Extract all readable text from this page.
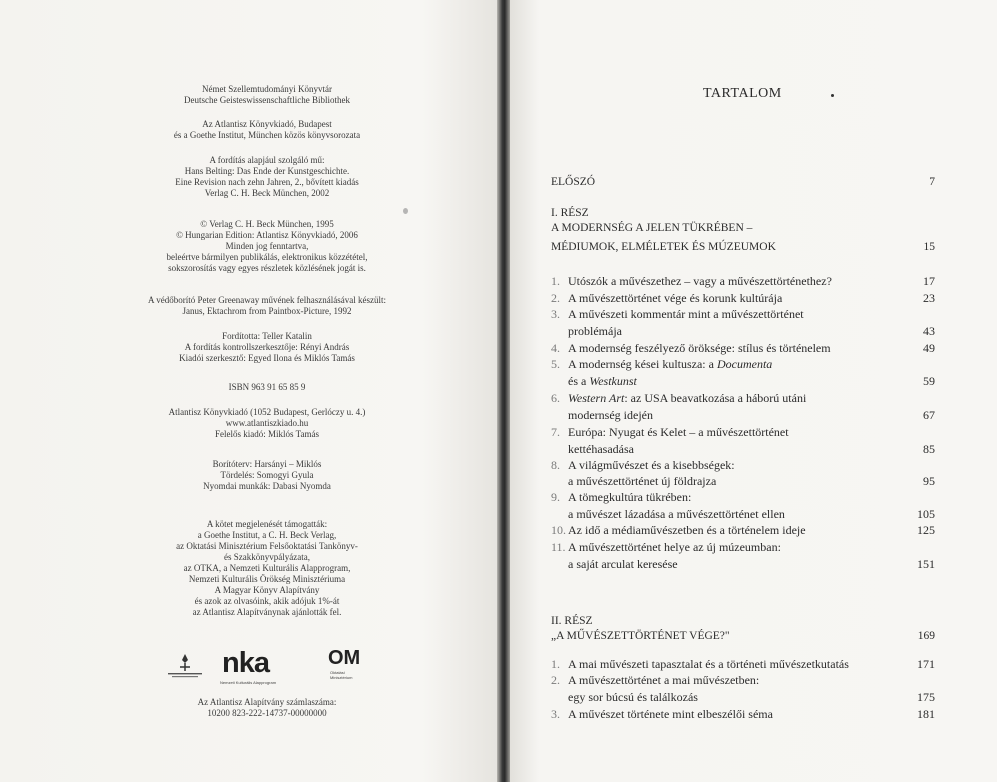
Német Szellemtudományi Könyvtár
Deutsche Geisteswissenschaftliche Bibliothek
Az Atlantisz Könyvkiadó, Budapest
és a Goethe Institut, München közös könyvsorozata
A fordítás alapjául szolgáló mű:
Hans Belting: Das Ende der Kunstgeschichte.
Eine Revision nach zehn Jahren, 2., bővített kiadás
Verlag C. H. Beck München, 2002
© Verlag C. H. Beck München, 1995
© Hungarian Edition: Atlantisz Könyvkiadó, 2006
Minden jog fenntartva,
beleértve bármilyen publikálás, elektronikus közzététel,
sokszorosítás vagy egyes részletek közlésének jogát is.
A védőborító Peter Greenaway művének felhasználásával készült:
Janus, Ektachrom from Paintbox-Picture, 1992
Fordította: Teller Katalin
A fordítás kontrollszerkesztője: Rényi András
Kiadói szerkesztő: Egyed Ilona és Miklós Tamás
ISBN 963 91 65 85 9
Atlantisz Könyvkiadó (1052 Budapest, Gerlóczy u. 4.)
www.atlantiszkiado.hu
Felelős kiadó: Miklós Tamás
Borítóterv: Harsányi – Miklós
Tördelés: Somogyi Gyula
Nyomdai munkák: Dabasi Nyomda
A kötet megjelenését támogatták:
a Goethe Institut, a C. H. Beck Verlag,
az Oktatási Minisztérium Felsőoktatási Tankönyv-
és Szakkönyvpályázata,
az OTKA, a Nemzeti Kulturális Alapprogram,
Nemzeti Kulturális Örökség Minisztériuma
A Magyar Könyv Alapítvány
és azok az olvasóink, akik adójuk 1%-át
az Atlantisz Alapítványnak ajánlották fel.
Az Atlantisz Alapítvány számlaszáma:
10200 823-222-14737-00000000
nka
Nemzeti Kulturális Alapprogram
OM
Oktatási
Minisztérium
TARTALOM
ELŐSZÓ	7
I. RÉSZ
A MODERNSÉG A JELEN TÜKRÉBEN –
MÉDIUMOK, ELMÉLETEK ÉS MÚZEUMOK	15
1. Utószók a művészethez – vagy a művészettörténethez?	17
2. A művészettörténet vége és korunk kultúrája	23
3. A művészeti kommentár mint a művészettörténet
problémája	43
4. A modernség feszélyező öröksége: stílus és történelem	49
5. A modernség kései kultusza: a Documenta
és a Westkunst	59
6. Western Art: az USA beavatkozása a háború utáni
modernség idején	67
7. Európa: Nyugat és Kelet – a művészettörténet
kettéhasadása	85
8. A világművészet és a kisebbségek:
a művészettörténet új földrajza	95
9. A tömegkultúra tükrében:
a művészet lázadása a művészettörténet ellen	105
10. Az idő a médiaművészetben és a történelem ideje	125
11. A művészettörténet helye az új múzeumban:
a saját arculat keresése	151
II. RÉSZ
„A MŰVÉSZETTÖRTÉNET VÉGE?"	169
1. A mai művészeti tapasztalat és a történeti művészetkutatás	171
2. A művészettörténet a mai művészetben:
egy sor búcsú és találkozás	175
3. A művészet története mint elbeszélői séma	181
